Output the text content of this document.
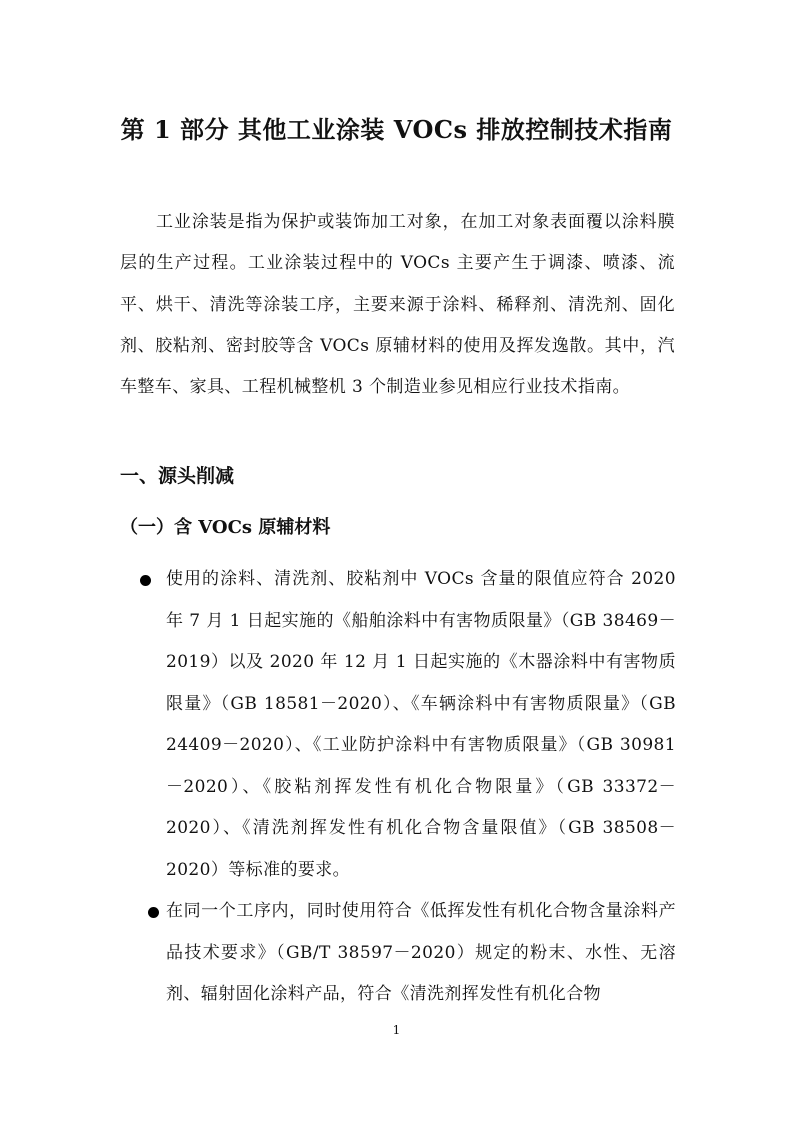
第 1 部分 其他工业涂装 VOCs 排放控制技术指南

工业涂装是指为保护或装饰加工对象，在加工对象表面覆以涂料膜层的生产过程。工业涂装过程中的 VOCs 主要产生于调漆、喷漆、流平、烘干、清洗等涂装工序，主要来源于涂料、稀释剂、清洗剂、固化剂、胶粘剂、密封胶等含 VOCs 原辅材料的使用及挥发逸散。其中，汽车整车、家具、工程机械整机 3 个制造业参见相应行业技术指南。

一、源头削减
（一）含 VOCs 原辅材料

使用的涂料、清洗剂、胶粘剂中 VOCs 含量的限值应符合 2020 年 7 月 1 日起实施的《船舶涂料中有害物质限量》（GB 38469－2019）以及 2020 年 12 月 1 日起实施的《木器涂料中有害物质限量》（GB 18581－2020）、《车辆涂料中有害物质限量》（GB 24409－2020）、《工业防护涂料中有害物质限量》（GB 30981－2020）、《胶粘剂挥发性有机化合物限量》（GB 33372－2020）、《清洗剂挥发性有机化合物含量限值》（GB 38508－2020）等标准的要求。

在同一个工序内，同时使用符合《低挥发性有机化合物含量涂料产品技术要求》（GB/T 38597－2020）规定的粉末、水性、无溶剂、辐射固化涂料产品，符合《清洗剂挥发性有机化合物

1
